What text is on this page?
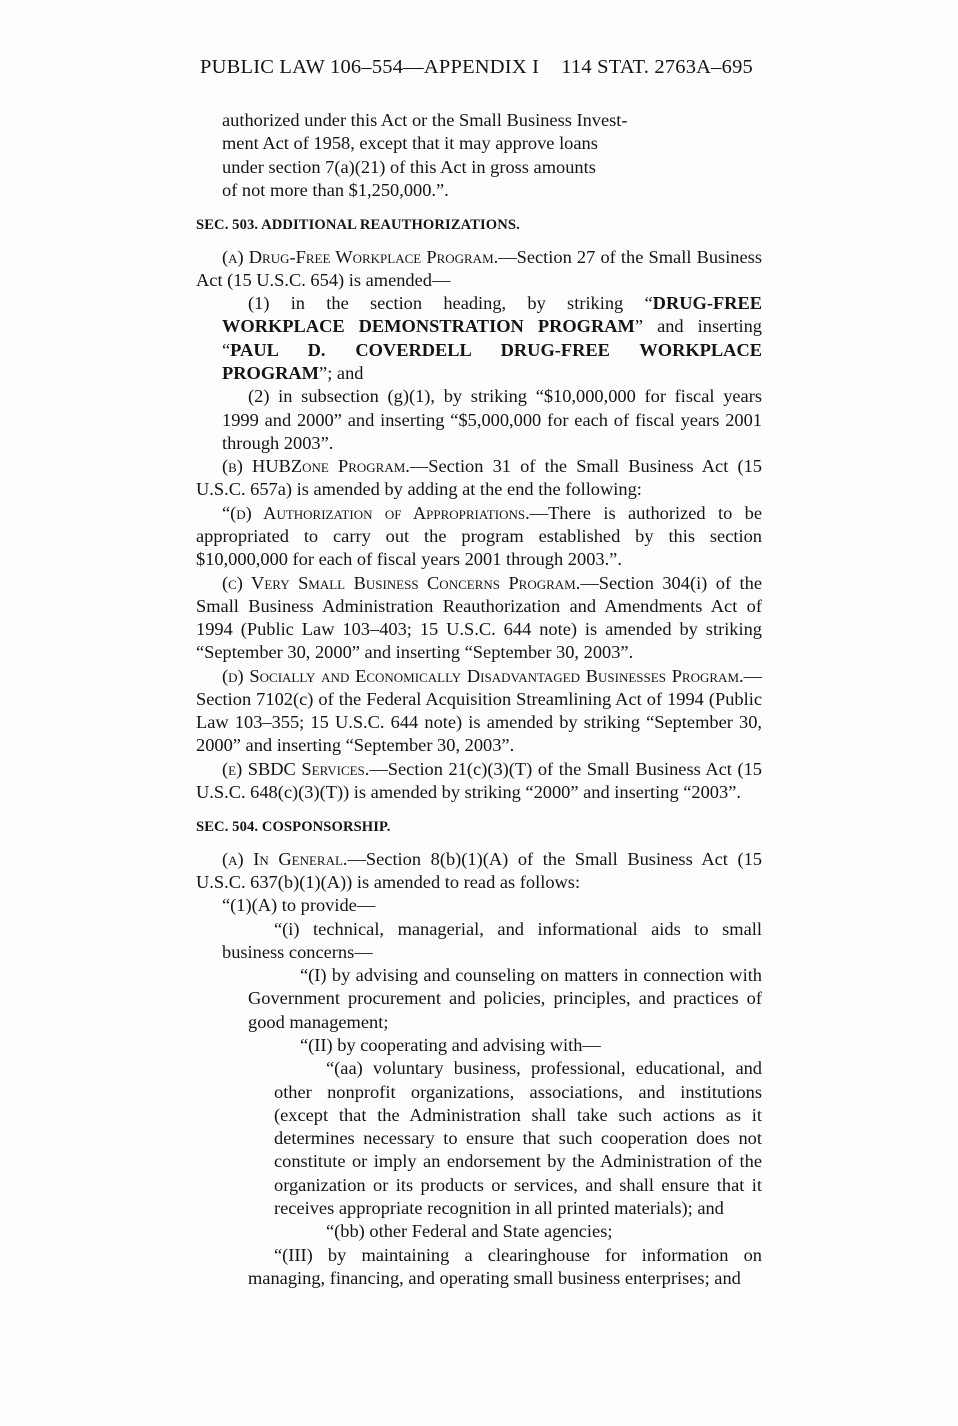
PUBLIC LAW 106–554—APPENDIX I 114 STAT. 2763A–695

authorized under this Act or the Small Business Invest-

ment Act of 1958, except that it may approve loans

under section 7(a)(21) of this Act in gross amounts

of not more than $1,250,000.”.

SEC. 503. ADDITIONAL REAUTHORIZATIONS.

(a) Drug-Free Workplace Program.—Section 27 of the Small Business Act (15 U.S.C. 654) is amended—

(1) in the section heading, by striking “DRUG-FREE WORKPLACE DEMONSTRATION PROGRAM” and inserting “PAUL D. COVERDELL DRUG-FREE WORKPLACE PROGRAM”; and

(2) in subsection (g)(1), by striking “$10,000,000 for fiscal years 1999 and 2000” and inserting “$5,000,000 for each of fiscal years 2001 through 2003”.

(b) HUBZone Program.—Section 31 of the Small Business Act (15 U.S.C. 657a) is amended by adding at the end the following:

“(d) Authorization of Appropriations.—There is authorized to be appropriated to carry out the program established by this section $10,000,000 for each of fiscal years 2001 through 2003.”.

(c) Very Small Business Concerns Program.—Section 304(i) of the Small Business Administration Reauthorization and Amendments Act of 1994 (Public Law 103–403; 15 U.S.C. 644 note) is amended by striking “September 30, 2000” and inserting “September 30, 2003”.

(d) Socially and Economically Disadvantaged Businesses Program.—Section 7102(c) of the Federal Acquisition Streamlining Act of 1994 (Public Law 103–355; 15 U.S.C. 644 note) is amended by striking “September 30, 2000” and inserting “September 30, 2003”.

(e) SBDC Services.—Section 21(c)(3)(T) of the Small Business Act (15 U.S.C. 648(c)(3)(T)) is amended by striking “2000” and inserting “2003”.

SEC. 504. COSPONSORSHIP.

(a) In General.—Section 8(b)(1)(A) of the Small Business Act (15 U.S.C. 637(b)(1)(A)) is amended to read as follows:

“(1)(A) to provide—

“(i) technical, managerial, and informational aids to small business concerns—

“(I) by advising and counseling on matters in connection with Government procurement and policies, principles, and practices of good management;

“(II) by cooperating and advising with—

“(aa) voluntary business, professional, educational, and other nonprofit organizations, associations, and institutions (except that the Administration shall take such actions as it determines necessary to ensure that such cooperation does not constitute or imply an endorsement by the Administration of the organization or its products or services, and shall ensure that it receives appropriate recognition in all printed materials); and

“(bb) other Federal and State agencies;

“(III) by maintaining a clearinghouse for information on managing, financing, and operating small business enterprises; and
